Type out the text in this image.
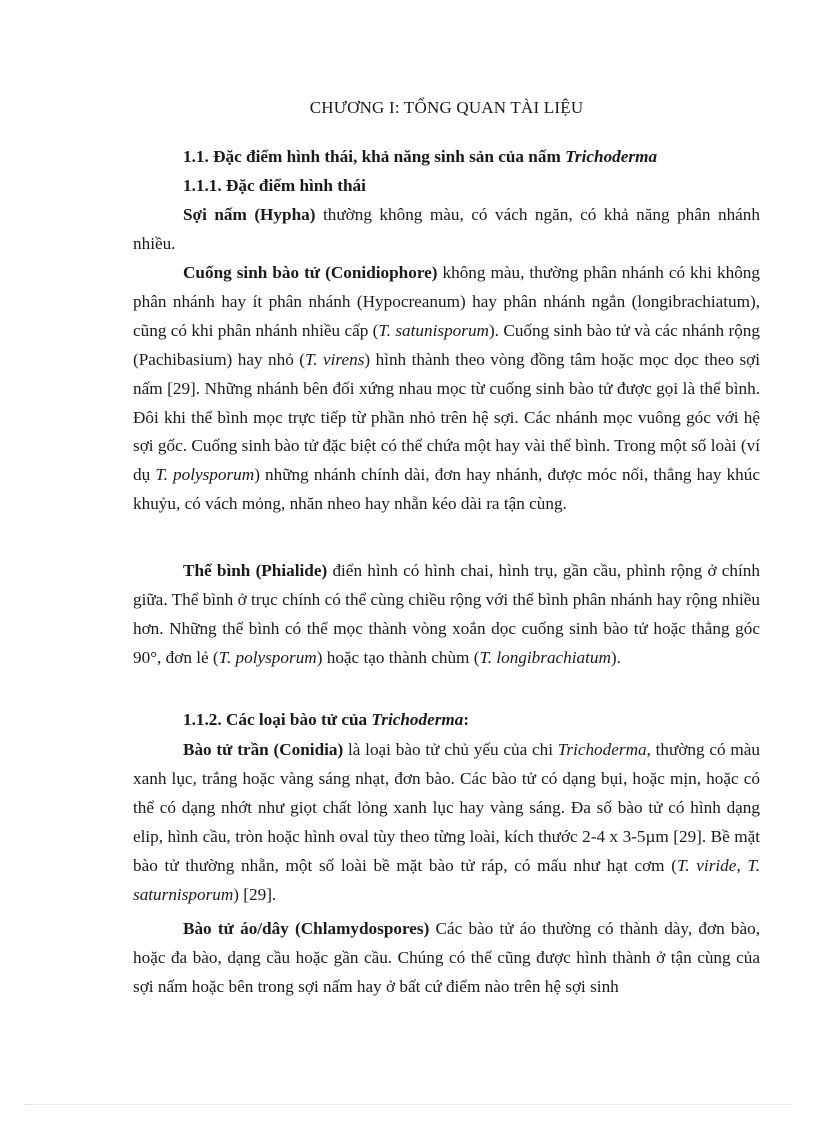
CHƯƠNG I: TỔNG QUAN TÀI LIỆU
1.1. Đặc điểm hình thái, khả năng sinh sản của nấm Trichoderma
1.1.1. Đặc điểm hình thái

Sợi nấm (Hypha) thường không màu, có vách ngăn, có khả năng phân nhánh nhiều.

Cuống sinh bào tử (Conidiophore) không màu, thường phân nhánh có khi không phân nhánh hay ít phân nhánh (Hypocreanum) hay phân nhánh ngắn (longibrachiatum), cũng có khi phân nhánh nhiều cấp (T. satunisporum). Cuống sinh bào tử và các nhánh rộng (Pachibasium) hay nhỏ (T. virens) hình thành theo vòng đồng tâm hoặc mọc dọc theo sợi nấm [29]. Những nhánh bên đối xứng nhau mọc từ cuống sinh bào tử được gọi là thể bình. Đôi khi thể bình mọc trực tiếp từ phần nhỏ trên hệ sợi. Các nhánh mọc vuông góc với hệ sợi gốc. Cuống sinh bào tử đặc biệt có thể chứa một hay vài thể bình. Trong một số loài (ví dụ T. polysporum) những nhánh chính dài, đơn hay nhánh, được móc nối, thẳng hay khúc khuỷu, có vách mỏng, nhăn nheo hay nhẵn kéo dài ra tận cùng.

Thể bình (Phialide) điển hình có hình chai, hình trụ, gần cầu, phình rộng ở chính giữa. Thể bình ở trục chính có thể cùng chiều rộng với thể bình phân nhánh hay rộng nhiều hơn. Những thể bình có thể mọc thành vòng xoắn dọc cuống sinh bào tử hoặc thẳng góc 90°, đơn lẻ (T. polysporum) hoặc tạo thành chùm (T. longibrachiatum).

1.1.2. Các loại bào tử của Trichoderma:

Bào tử trần (Conidia) là loại bào tử chủ yếu của chi Trichoderma, thường có màu xanh lục, trắng hoặc vàng sáng nhạt, đơn bào. Các bào tử có dạng bụi, hoặc mịn, hoặc có thể có dạng nhớt như giọt chất lỏng xanh lục hay vàng sáng. Đa số bào tử có hình dạng elip, hình cầu, tròn hoặc hình oval tùy theo từng loài, kích thước 2-4 x 3-5µm [29]. Bề mặt bào tử thường nhẵn, một số loài bề mặt bào tử ráp, có mấu như hạt cơm (T. viride, T. saturnisporum) [29].

Bào tử áo/dây (Chlamydospores) Các bào tử áo thường có thành dày, đơn bào, hoặc đa bào, dạng cầu hoặc gần cầu. Chúng có thể cũng được hình thành ở tận cùng của sợi nấm hoặc bên trong sợi nấm hay ở bất cứ điểm nào trên hệ sợi sinh
